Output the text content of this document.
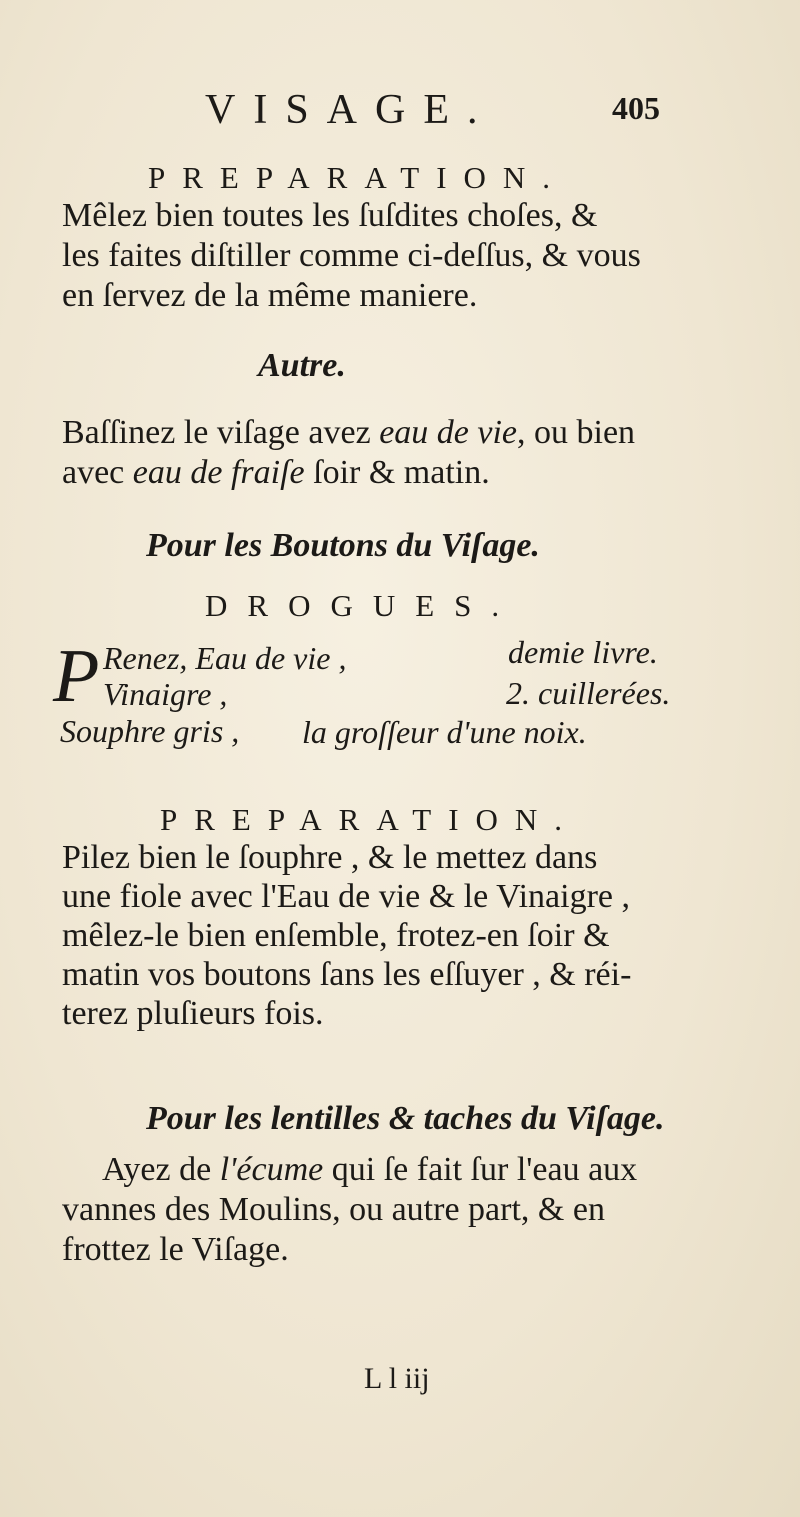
VISAGE.	405
PREPARATION.
Mêlez bien toutes les ſuſdites choſes, &
les faites diſtiller comme ci-deſſus, & vous
en ſervez de la même maniere.
Autre.
Baſſinez le viſage avez eau de vie, ou bien
avec eau de fraiſe ſoir & matin.
Pour les Boutons du Viſage.
DROGUES.
P Renez, Eau de vie ,	demie livre.
Vinaigre ,	2. cuillerées.
Souphre gris , la groſſeur d'une noix.
PREPARATION.
Pilez bien le ſouphre , & le mettez dans
une fiole avec l'Eau de vie & le Vinaigre ,
mêlez-le bien enſemble, frotez-en ſoir &
matin vos boutons ſans les eſſuyer , & réi-
terez pluſieurs fois.
Pour les lentilles & taches du Viſage.
Ayez de l'écume qui ſe fait ſur l'eau aux
vannes des Moulins, ou autre part, & en
frottez le Viſage.
L l iij
